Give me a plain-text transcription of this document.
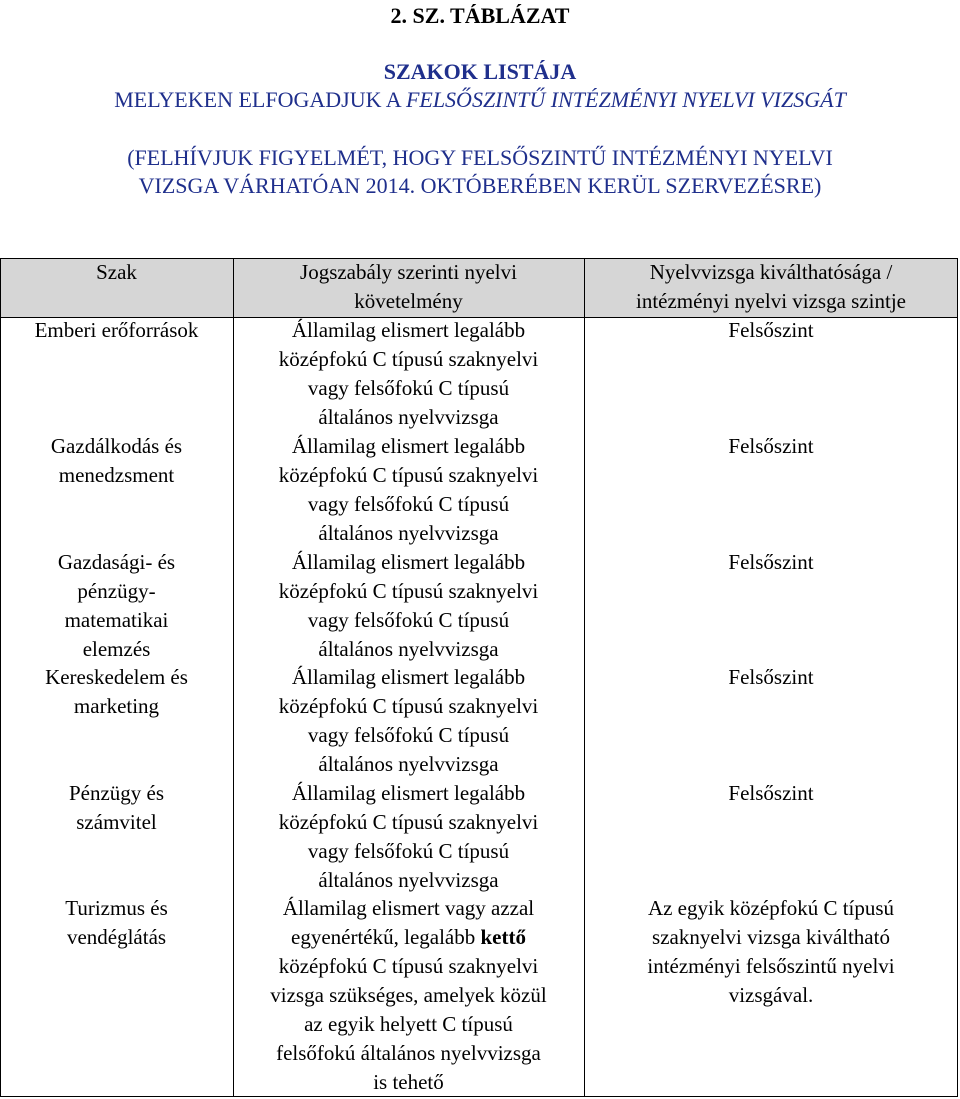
2. SZ. TÁBLÁZAT
SZAKOK LISTÁJA
MELYEKEN ELFOGADJUK A FELSŐSZINTŰ INTÉZMÉNYI NYELVI VIZSGÁT
(FELHÍVJUK FIGYELMÉT, HOGY FELSŐSZINTŰ INTÉZMÉNYI NYELVI
VIZSGA VÁRHATÓAN 2014. OKTÓBERÉBEN KERÜL SZERVEZÉSRE)
Szak	Jogszabály szerinti nyelvi
követelmény
Nyelvvizsga kiválthatósága /
intézményi nyelvi vizsga szintje
Emberi erőforrások	Államilag elismert legalább
középfokú C típusú szaknyelvi
vagy felsőfokú C típusú
általános nyelvvizsga
Felsőszint
Gazdálkodás és
menedzsment
Államilag elismert legalább
középfokú C típusú szaknyelvi
vagy felsőfokú C típusú
általános nyelvvizsga
Felsőszint
Gazdasági- és
pénzügy-
matematikai
elemzés
Államilag elismert legalább
középfokú C típusú szaknyelvi
vagy felsőfokú C típusú
általános nyelvvizsga
Felsőszint
Kereskedelem és
marketing
Államilag elismert legalább
középfokú C típusú szaknyelvi
vagy felsőfokú C típusú
általános nyelvvizsga
Felsőszint
Pénzügy és
számvitel
Államilag elismert legalább
középfokú C típusú szaknyelvi
vagy felsőfokú C típusú
általános nyelvvizsga
Felsőszint
Turizmus és
vendéglátás
Államilag elismert vagy azzal
egyenértékű, legalább kettő
középfokú C típusú szaknyelvi
vizsga szükséges, amelyek közül
az egyik helyett C típusú
felsőfokú általános nyelvvizsga
is tehető
Az egyik középfokú C típusú
szaknyelvi vizsga kiváltható
intézményi felsőszintű nyelvi
vizsgával.
